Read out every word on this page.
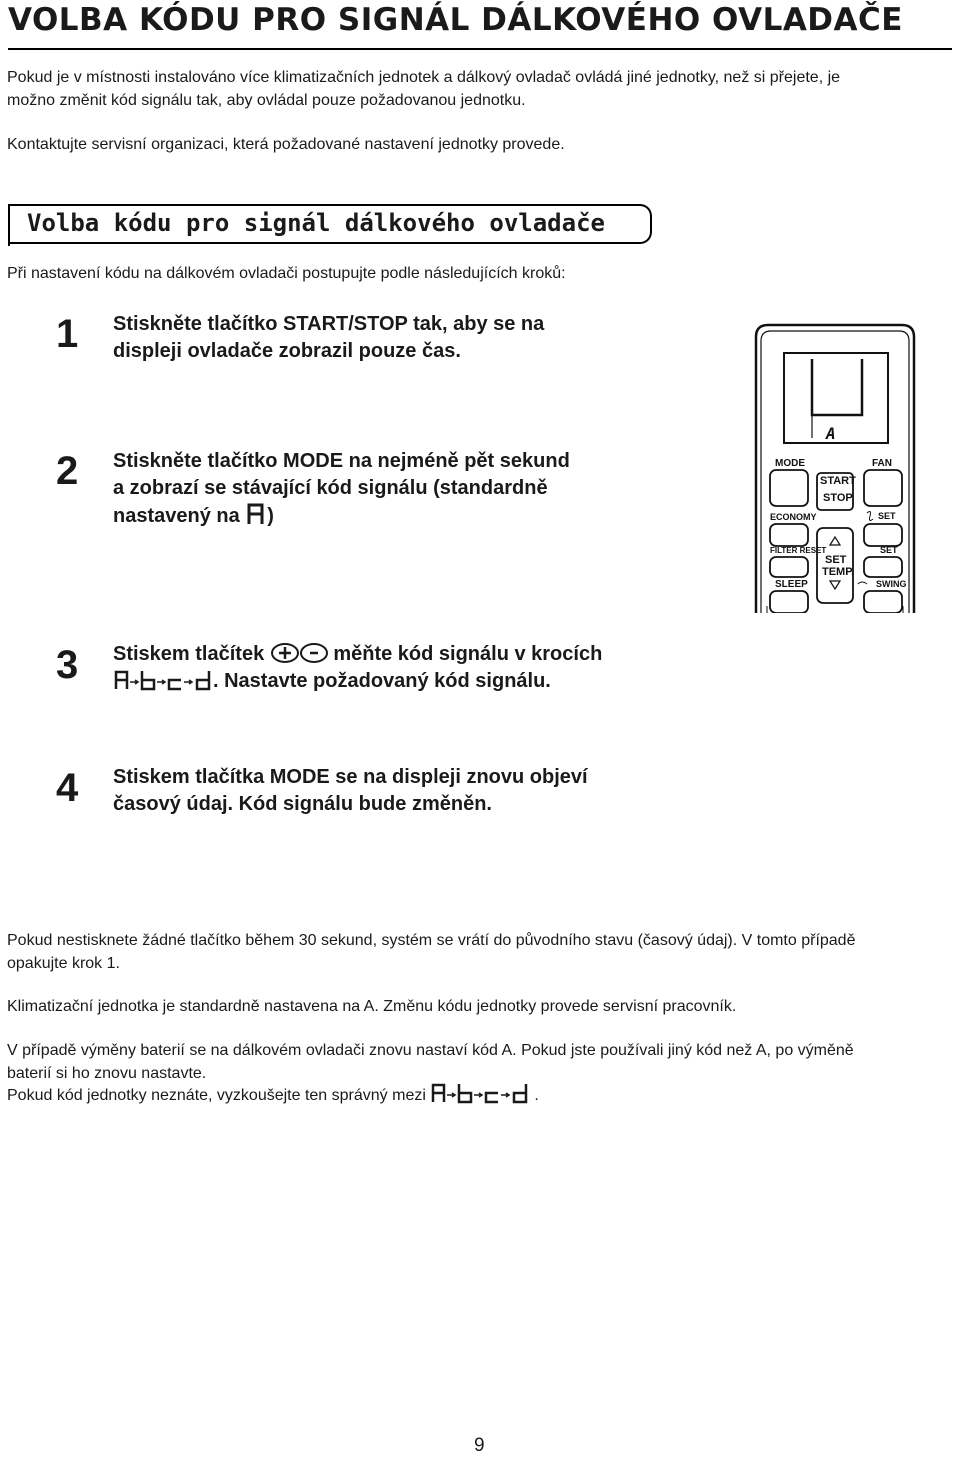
VOLBA KÓDU PRO SIGNÁL DÁLKOVÉHO OVLADAČE

Pokud je v místnosti instalováno více klimatizačních jednotek a dálkový ovladač ovládá jiné jednotky, než si přejete, je
možno změnit kód signálu tak, aby ovládal pouze požadovanou jednotku.

Kontaktujte servisní organizaci, která požadované nastavení jednotky provede.

Volba kódu pro signál dálkového ovladače

Při nastavení kódu na dálkovém ovladači postupujte podle následujících kroků:

1 Stiskněte tlačítko START/STOP tak, aby se na
displeji ovladače zobrazil pouze čas.

2 Stiskněte tlačítko MODE na nejméně pět sekund
a zobrazí se stávající kód signálu (standardně
nastavený na )

3 Stiskem tlačítek	měňte kód signálu v krocích
. Nastavte požadovaný kód signálu.

4 Stiskem tlačítka MODE se na displeji znovu objeví
časový údaj. Kód signálu bude změněn.

A
MODE	FAN
START
STOP
ECONOMY	SET
FILTER RESET	SET
SET
TEMP.
SLEEP	SWING

Pokud nestisknete žádné tlačítko během 30 sekund, systém se vrátí do původního stavu (časový údaj). V tomto případě
opakujte krok 1.

Klimatizační jednotka je standardně nastavena na A. Změnu kódu jednotky provede servisní pracovník.

V případě výměny baterií se na dálkovém ovladači znovu nastaví kód A. Pokud jste používali jiný kód než A, po výměně
baterií si ho znovu nastavte.

Pokud kód jednotky neznáte, vyzkoušejte ten správný mezi	.

9
